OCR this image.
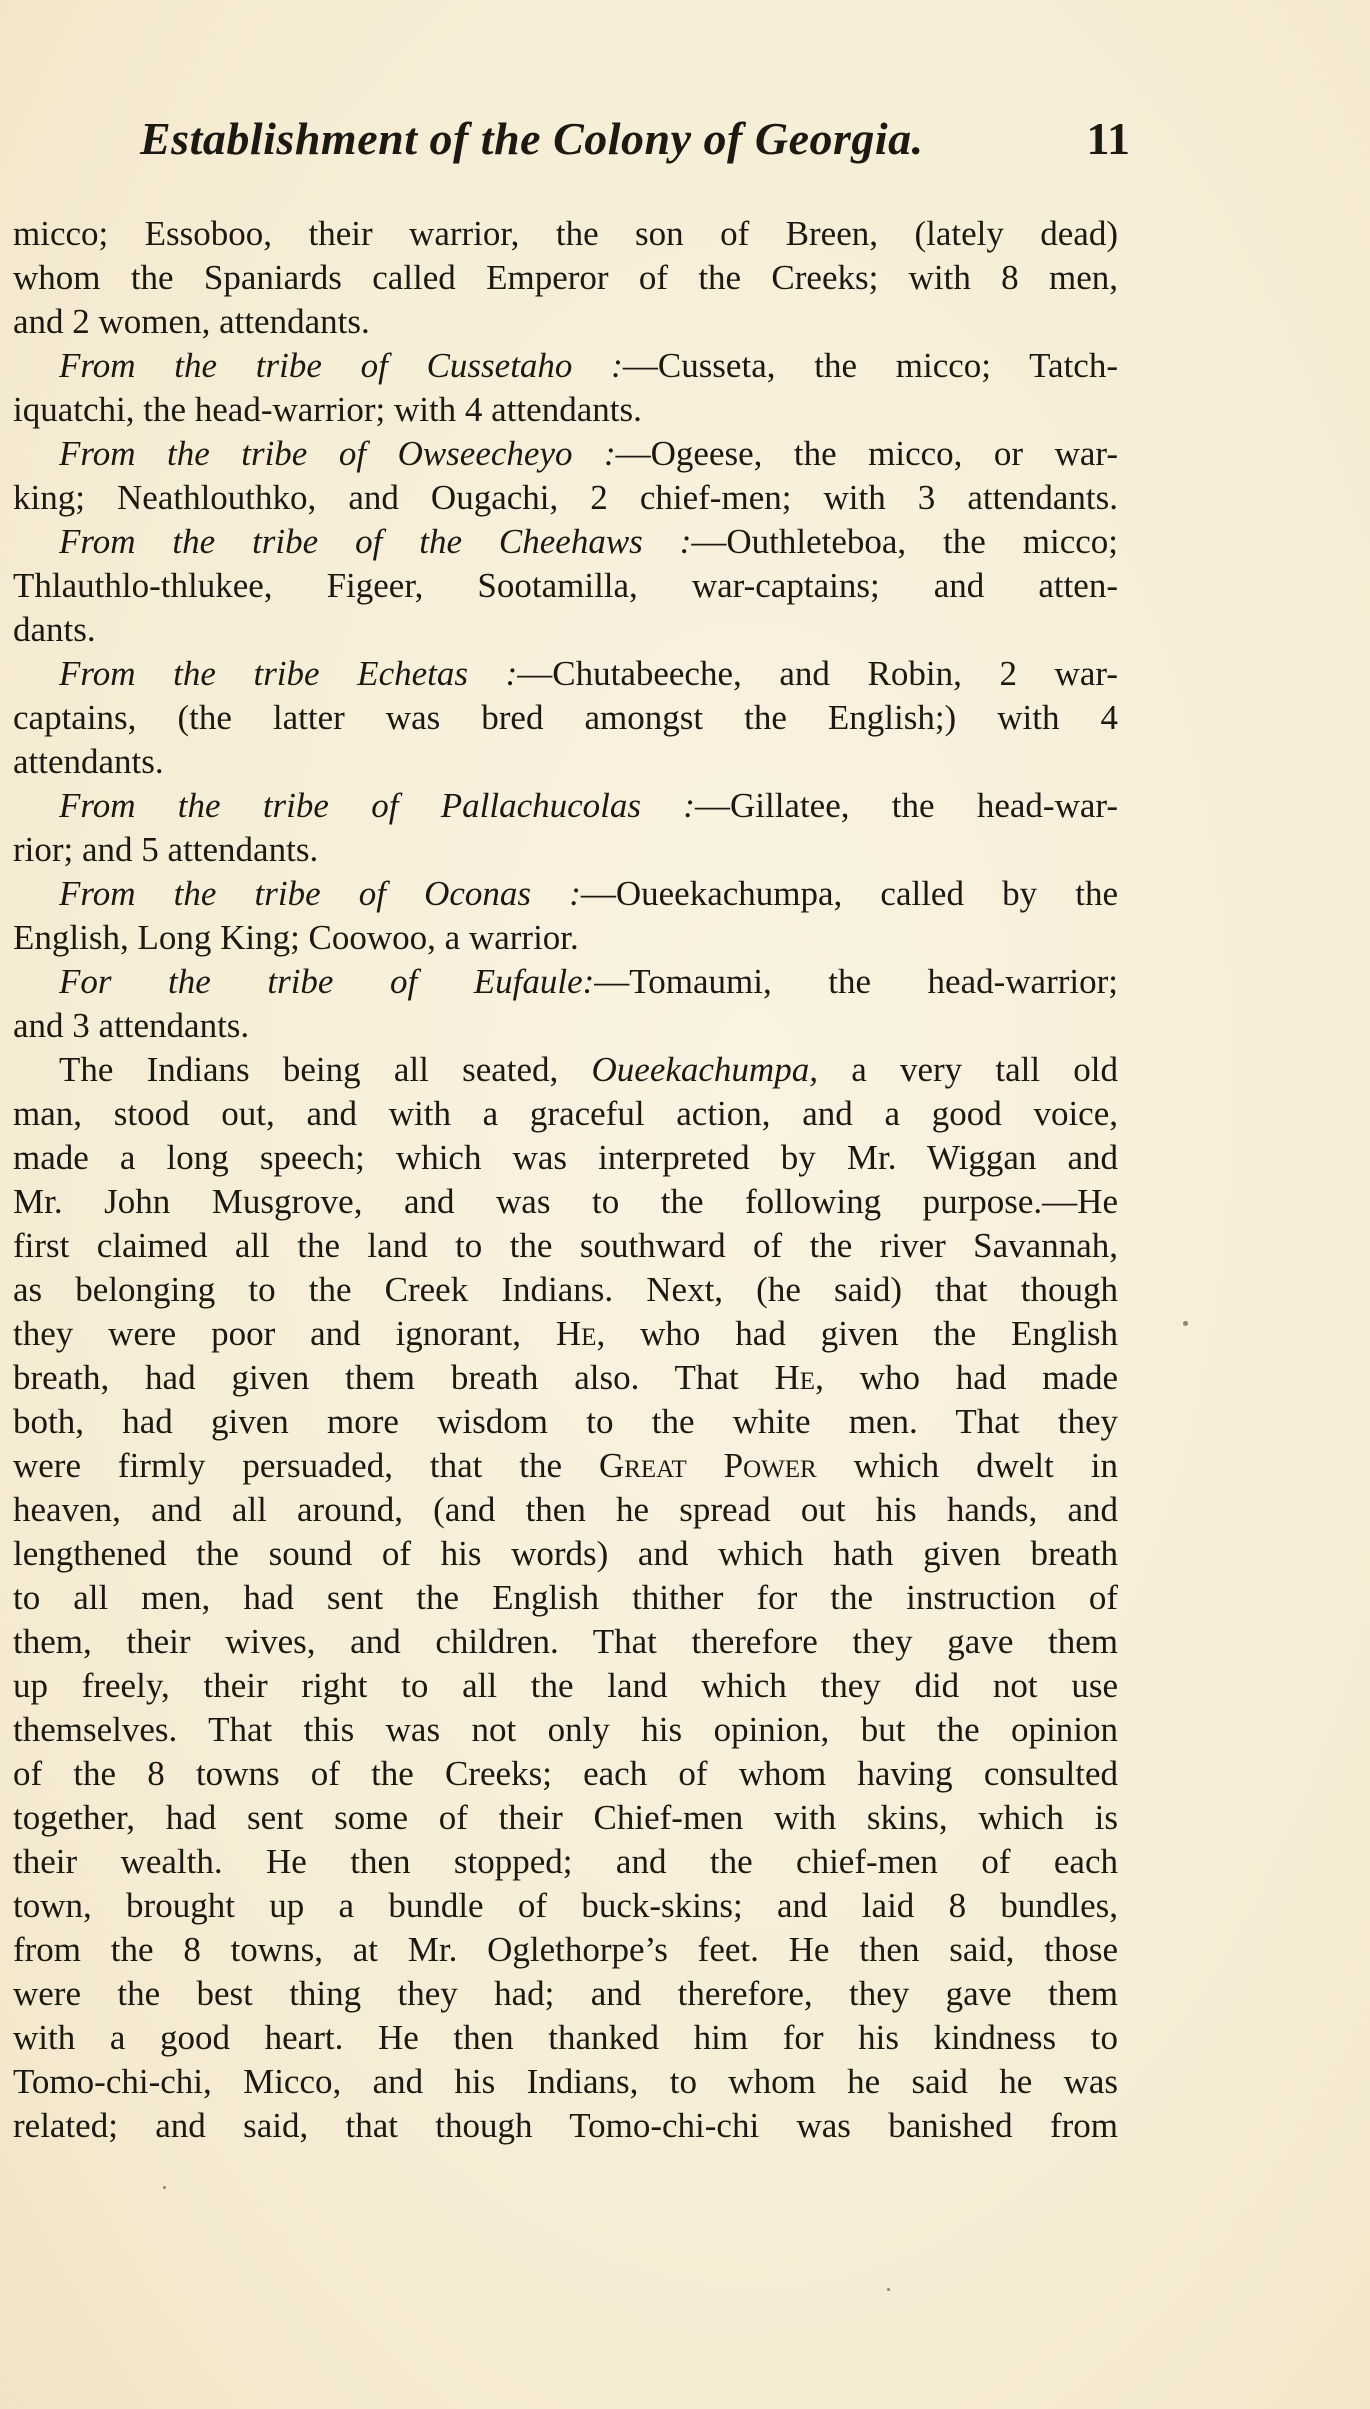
Establishment of the Colony of Georgia.	11
micco; Essoboo, their warrior, the son of Breen, (lately dead)
whom the Spaniards called Emperor of the Creeks; with 8 men,
and 2 women, attendants.
From the tribe of Cussetaho :—Cusseta, the micco; Tatch-
iquatchi, the head-warrior; with 4 attendants.
From the tribe of Owseecheyo :—Ogeese, the micco, or war-
king; Neathlouthko, and Ougachi, 2 chief-men; with 3 attendants.
From the tribe of the Cheehaws :—Outhleteboa, the micco;
Thlauthlo-thlukee, Figeer, Sootamilla, war-captains; and atten-
dants.
From the tribe Echetas :—Chutabeeche, and Robin, 2 war-
captains, (the latter was bred amongst the English;) with 4
attendants.
From the tribe of Pallachucolas :—Gillatee, the head-war-
rior; and 5 attendants.
From the tribe of Oconas :—Oueekachumpa, called by the
English, Long King; Coowoo, a warrior.
For the tribe of Eufaule:—Tomaumi, the head-warrior;
and 3 attendants.
The Indians being all seated, Oueekachumpa, a very tall old
man, stood out, and with a graceful action, and a good voice,
made a long speech; which was interpreted by Mr. Wiggan and
Mr. John Musgrove, and was to the following purpose.—He
first claimed all the land to the southward of the river Savannah,
as belonging to the Creek Indians. Next, (he said) that though
they were poor and ignorant, He, who had given the English
breath, had given them breath also. That He, who had made
both, had given more wisdom to the white men. That they
were firmly persuaded, that the Great Power which dwelt in
heaven, and all around, (and then he spread out his hands, and
lengthened the sound of his words) and which hath given breath
to all men, had sent the English thither for the instruction of
them, their wives, and children. That therefore they gave them
up freely, their right to all the land which they did not use
themselves. That this was not only his opinion, but the opinion
of the 8 towns of the Creeks; each of whom having consulted
together, had sent some of their Chief-men with skins, which is
their wealth. He then stopped; and the chief-men of each
town, brought up a bundle of buck-skins; and laid 8 bundles,
from the 8 towns, at Mr. Oglethorpe’s feet. He then said, those
were the best thing they had; and therefore, they gave them
with a good heart. He then thanked him for his kindness to
Tomo-chi-chi, Micco, and his Indians, to whom he said he was
related; and said, that though Tomo-chi-chi was banished from
